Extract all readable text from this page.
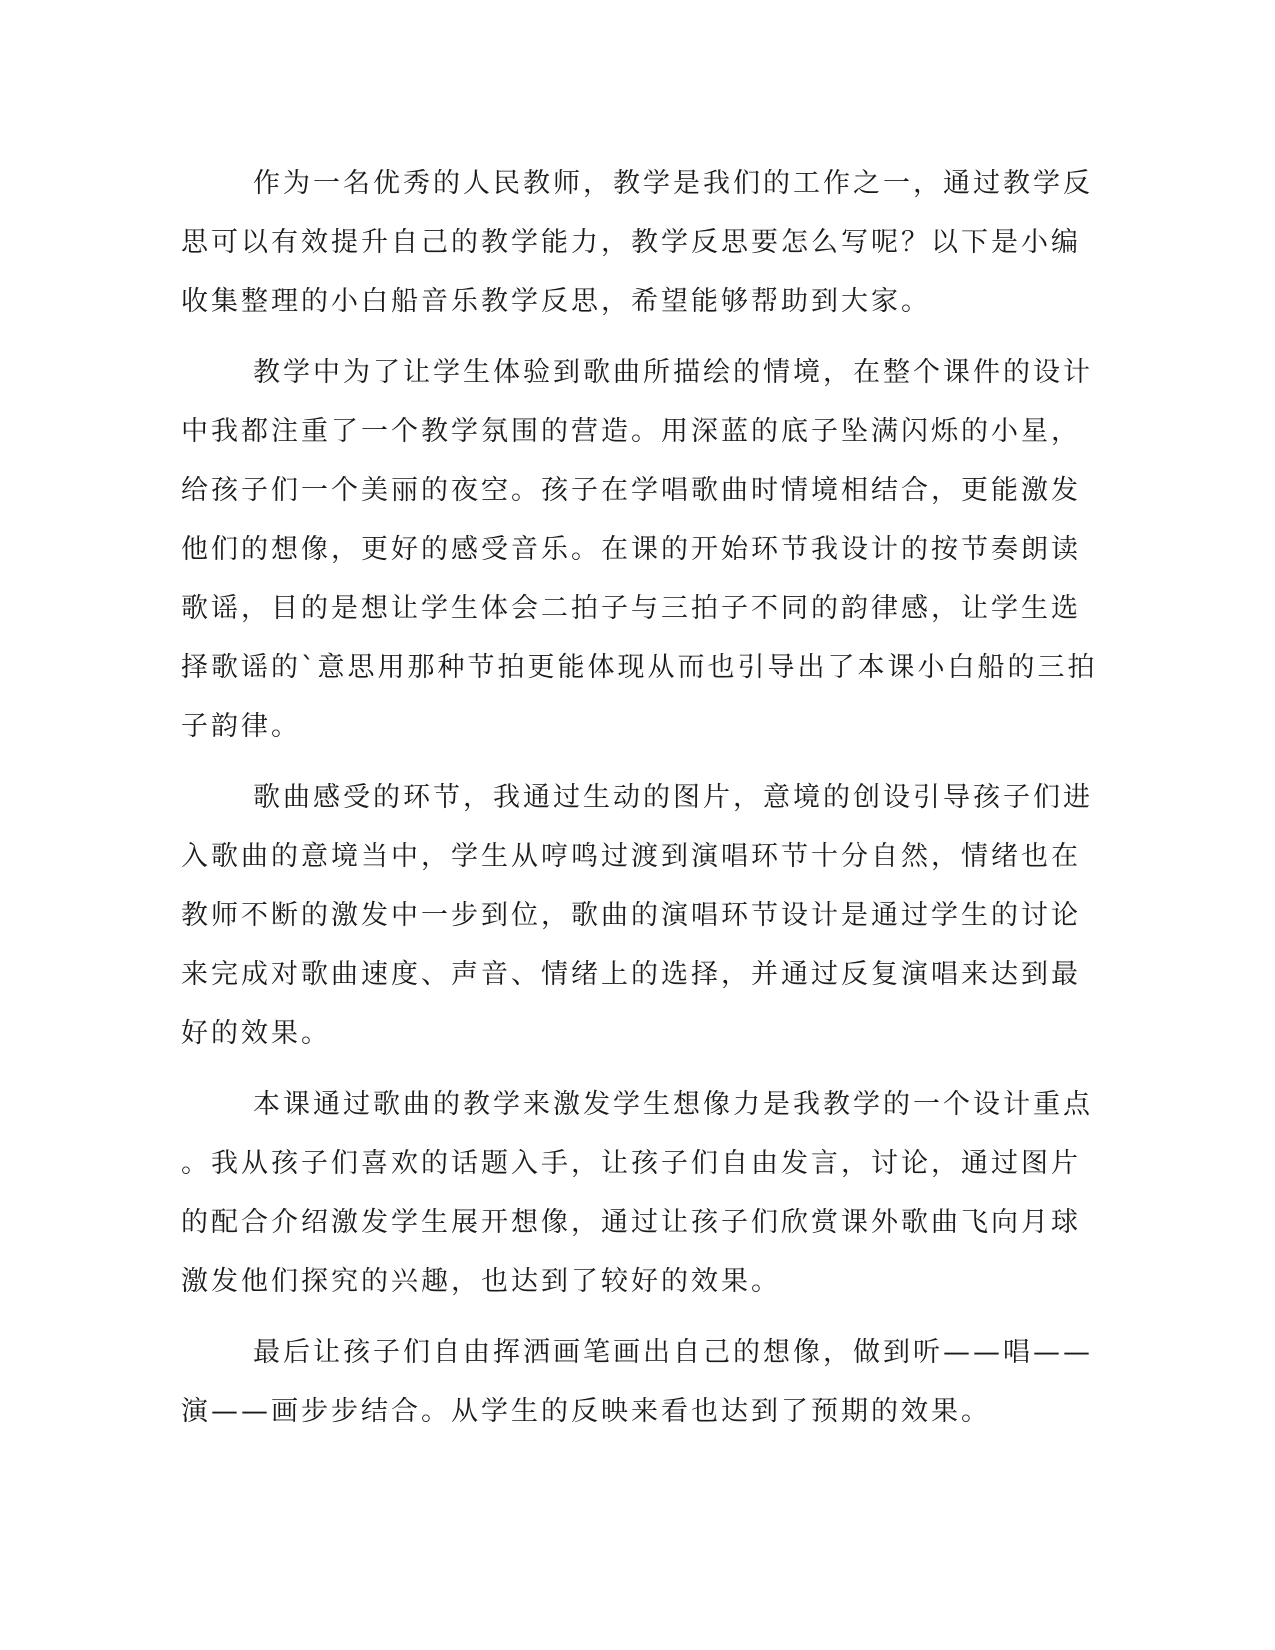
作为一名优秀的人民教师，教学是我们的工作之一，通过教学反
思可以有效提升自己的教学能力，教学反思要怎么写呢？以下是小编
收集整理的小白船音乐教学反思，希望能够帮助到大家。
教学中为了让学生体验到歌曲所描绘的情境，在整个课件的设计
中我都注重了一个教学氛围的营造。用深蓝的底子坠满闪烁的小星，
给孩子们一个美丽的夜空。孩子在学唱歌曲时情境相结合，更能激发
他们的想像，更好的感受音乐。在课的开始环节我设计的按节奏朗读
歌谣，目的是想让学生体会二拍子与三拍子不同的韵律感，让学生选
择歌谣的`意思用那种节拍更能体现从而也引导出了本课小白船的三拍
子韵律。
歌曲感受的环节，我通过生动的图片，意境的创设引导孩子们进
入歌曲的意境当中，学生从哼鸣过渡到演唱环节十分自然，情绪也在
教师不断的激发中一步到位，歌曲的演唱环节设计是通过学生的讨论
来完成对歌曲速度、声音、情绪上的选择，并通过反复演唱来达到最
好的效果。
本课通过歌曲的教学来激发学生想像力是我教学的一个设计重点
。我从孩子们喜欢的话题入手，让孩子们自由发言，讨论，通过图片
的配合介绍激发学生展开想像，通过让孩子们欣赏课外歌曲飞向月球
激发他们探究的兴趣，也达到了较好的效果。
最后让孩子们自由挥洒画笔画出自己的想像，做到听——唱——
演——画步步结合。从学生的反映来看也达到了预期的效果。
